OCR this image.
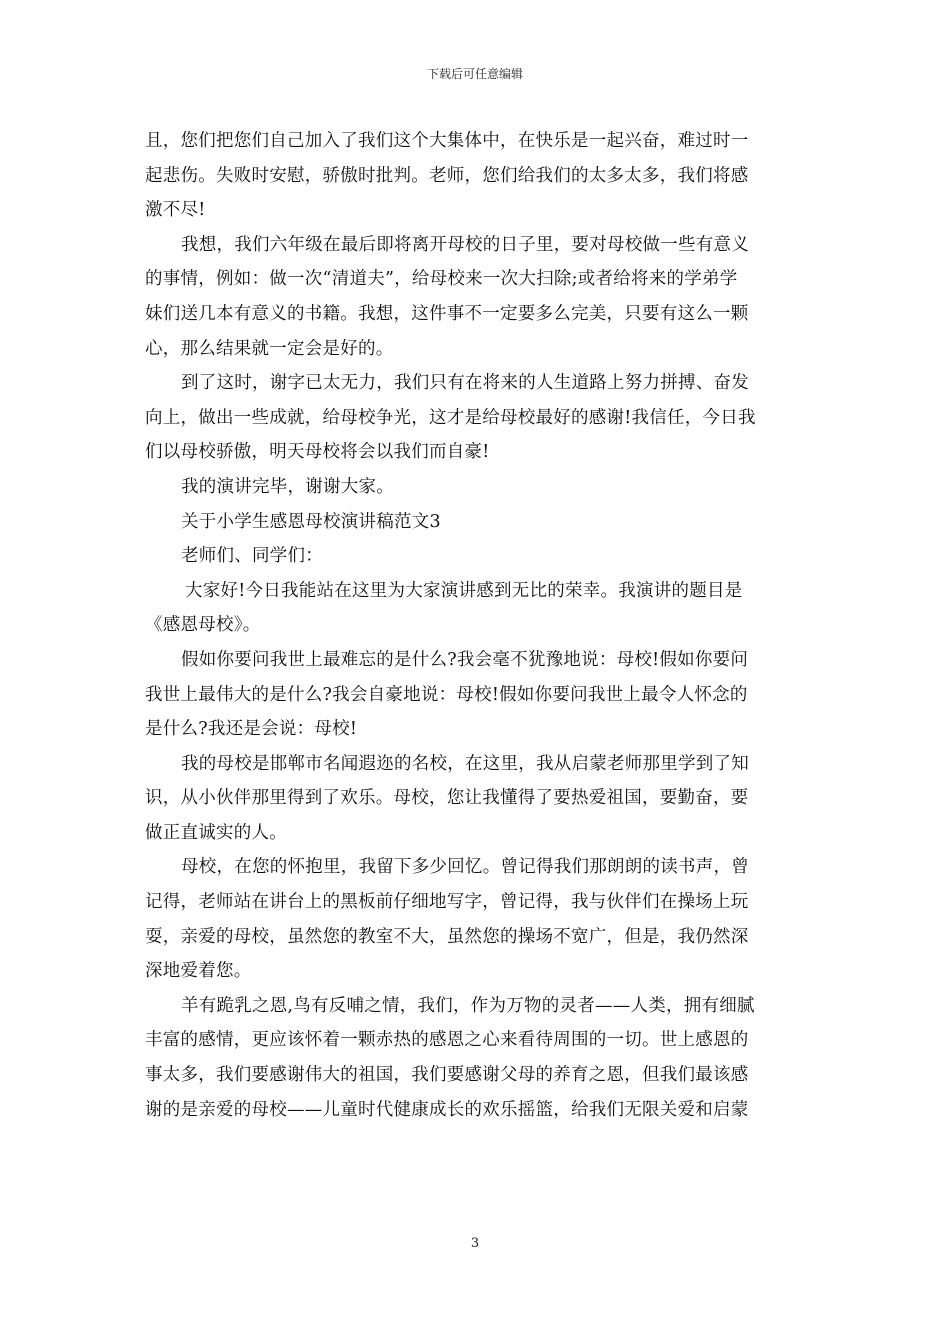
下载后可任意编辑

且，您们把您们自己加入了我们这个大集体中，在快乐是一起兴奋，难过时一
起悲伤。失败时安慰，骄傲时批判。老师，您们给我们的太多太多，我们将感
激不尽!

我想，我们六年级在最后即将离开母校的日子里，要对母校做一些有意义
的事情，例如：做一次“清道夫”，给母校来一次大扫除;或者给将来的学弟学
妹们送几本有意义的书籍。我想，这件事不一定要多么完美，只要有这么一颗
心，那么结果就一定会是好的。

到了这时，谢字已太无力，我们只有在将来的人生道路上努力拼搏、奋发
向上，做出一些成就，给母校争光，这才是给母校最好的感谢!我信任，今日我
们以母校骄傲，明天母校将会以我们而自豪!

我的演讲完毕，谢谢大家。

关于小学生感恩母校演讲稿范文3

老师们、同学们：

大家好!今日我能站在这里为大家演讲感到无比的荣幸。我演讲的题目是
《感恩母校》。

假如你要问我世上最难忘的是什么?我会毫不犹豫地说：母校!假如你要问
我世上最伟大的是什么?我会自豪地说：母校!假如你要问我世上最令人怀念的
是什么?我还是会说：母校!

我的母校是邯郸市名闻遐迩的名校，在这里，我从启蒙老师那里学到了知
识，从小伙伴那里得到了欢乐。母校，您让我懂得了要热爱祖国，要勤奋，要
做正直诚实的人。

母校，在您的怀抱里，我留下多少回忆。曾记得我们那朗朗的读书声，曾
记得，老师站在讲台上的黑板前仔细地写字，曾记得，我与伙伴们在操场上玩
耍，亲爱的母校，虽然您的教室不大，虽然您的操场不宽广，但是，我仍然深
深地爱着您。

羊有跪乳之恩,鸟有反哺之情，我们，作为万物的灵者——人类，拥有细腻
丰富的感情，更应该怀着一颗赤热的感恩之心来看待周围的一切。世上感恩的
事太多，我们要感谢伟大的祖国，我们要感谢父母的养育之恩，但我们最该感
谢的是亲爱的母校——儿童时代健康成长的欢乐摇篮，给我们无限关爱和启蒙

3
